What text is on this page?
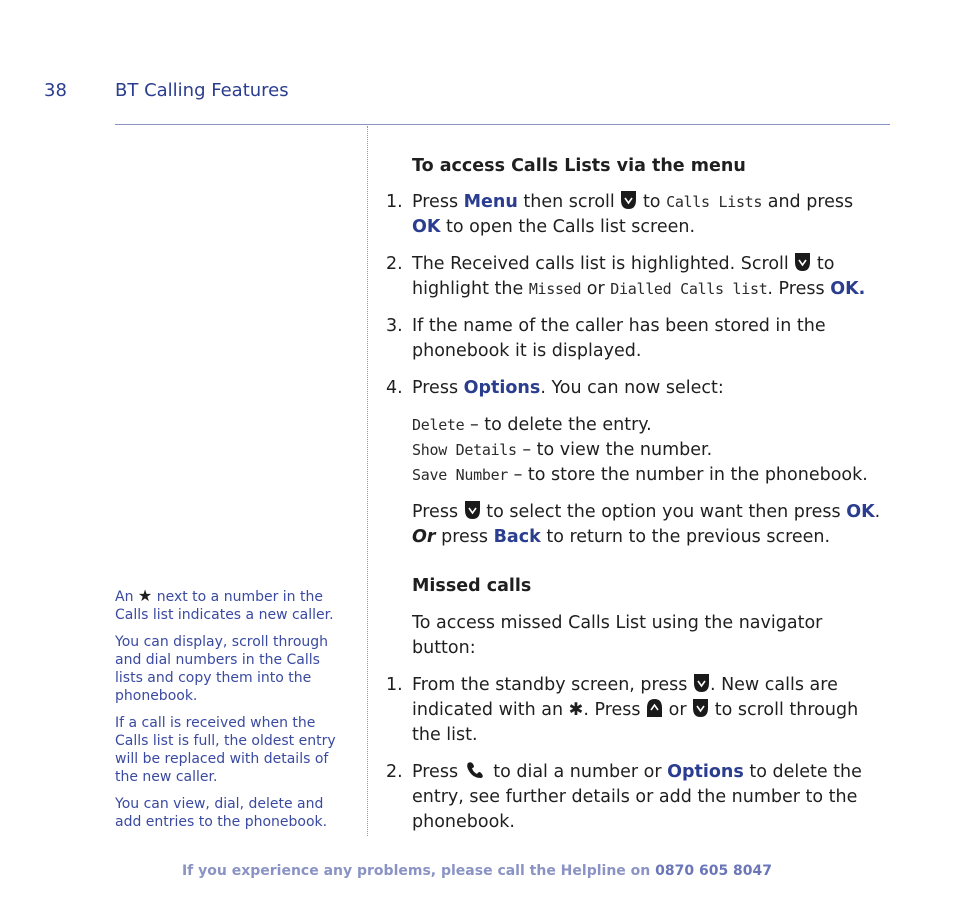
38	BT Calling Features

An ★ next to a number in the Calls list indicates a new caller.

You can display, scroll through and dial numbers in the Calls lists and copy them into the phonebook.

If a call is received when the Calls list is full, the oldest entry will be replaced with details of the new caller.

You can view, dial, delete and add entries to the phonebook.

To access Calls Lists via the menu
1. Press Menu then scroll to Calls Lists and press OK to open the Calls list screen.
2. The Received calls list is highlighted. Scroll to highlight the Missed or Dialled Calls list. Press OK.
3. If the name of the caller has been stored in the phonebook it is displayed.
4. Press Options. You can now select:
Delete – to delete the entry.
Show Details – to view the number.
Save Number – to store the number in the phonebook.
Press to select the option you want then press OK.
Or press Back to return to the previous screen.
Missed calls
To access missed Calls List using the navigator button:
1. From the standby screen, press . New calls are indicated with an ✱. Press or to scroll through the list.
2. Press to dial a number or Options to delete the entry, see further details or add the number to the phonebook.
If you experience any problems, please call the Helpline on 0870 605 8047
